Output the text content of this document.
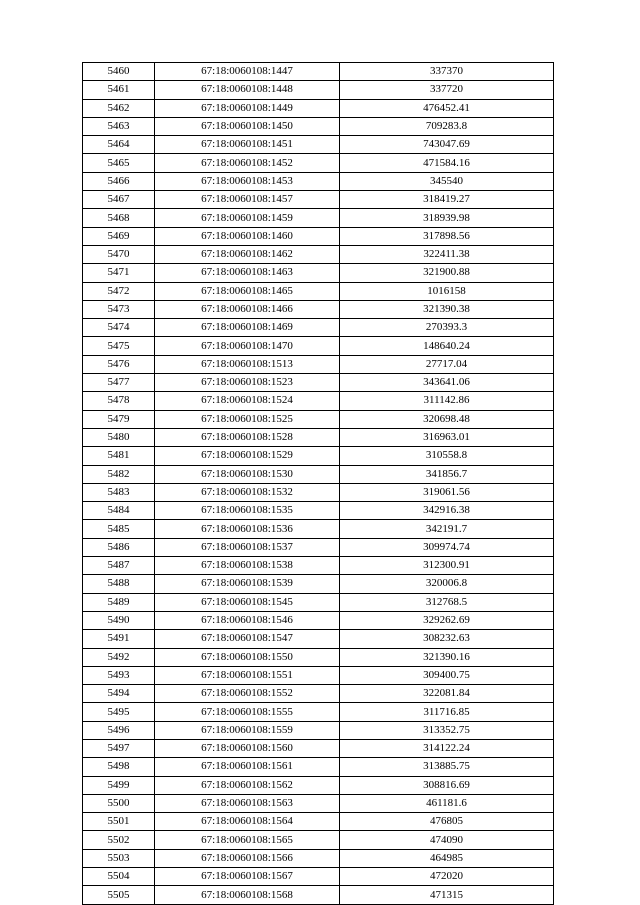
5460	67:18:0060108:1447	337370
5461	67:18:0060108:1448	337720
5462	67:18:0060108:1449	476452.41
5463	67:18:0060108:1450	709283.8
5464	67:18:0060108:1451	743047.69
5465	67:18:0060108:1452	471584.16
5466	67:18:0060108:1453	345540
5467	67:18:0060108:1457	318419.27
5468	67:18:0060108:1459	318939.98
5469	67:18:0060108:1460	317898.56
5470	67:18:0060108:1462	322411.38
5471	67:18:0060108:1463	321900.88
5472	67:18:0060108:1465	1016158
5473	67:18:0060108:1466	321390.38
5474	67:18:0060108:1469	270393.3
5475	67:18:0060108:1470	148640.24
5476	67:18:0060108:1513	27717.04
5477	67:18:0060108:1523	343641.06
5478	67:18:0060108:1524	311142.86
5479	67:18:0060108:1525	320698.48
5480	67:18:0060108:1528	316963.01
5481	67:18:0060108:1529	310558.8
5482	67:18:0060108:1530	341856.7
5483	67:18:0060108:1532	319061.56
5484	67:18:0060108:1535	342916.38
5485	67:18:0060108:1536	342191.7
5486	67:18:0060108:1537	309974.74
5487	67:18:0060108:1538	312300.91
5488	67:18:0060108:1539	320006.8
5489	67:18:0060108:1545	312768.5
5490	67:18:0060108:1546	329262.69
5491	67:18:0060108:1547	308232.63
5492	67:18:0060108:1550	321390.16
5493	67:18:0060108:1551	309400.75
5494	67:18:0060108:1552	322081.84
5495	67:18:0060108:1555	311716.85
5496	67:18:0060108:1559	313352.75
5497	67:18:0060108:1560	314122.24
5498	67:18:0060108:1561	313885.75
5499	67:18:0060108:1562	308816.69
5500	67:18:0060108:1563	461181.6
5501	67:18:0060108:1564	476805
5502	67:18:0060108:1565	474090
5503	67:18:0060108:1566	464985
5504	67:18:0060108:1567	472020
5505	67:18:0060108:1568	471315
